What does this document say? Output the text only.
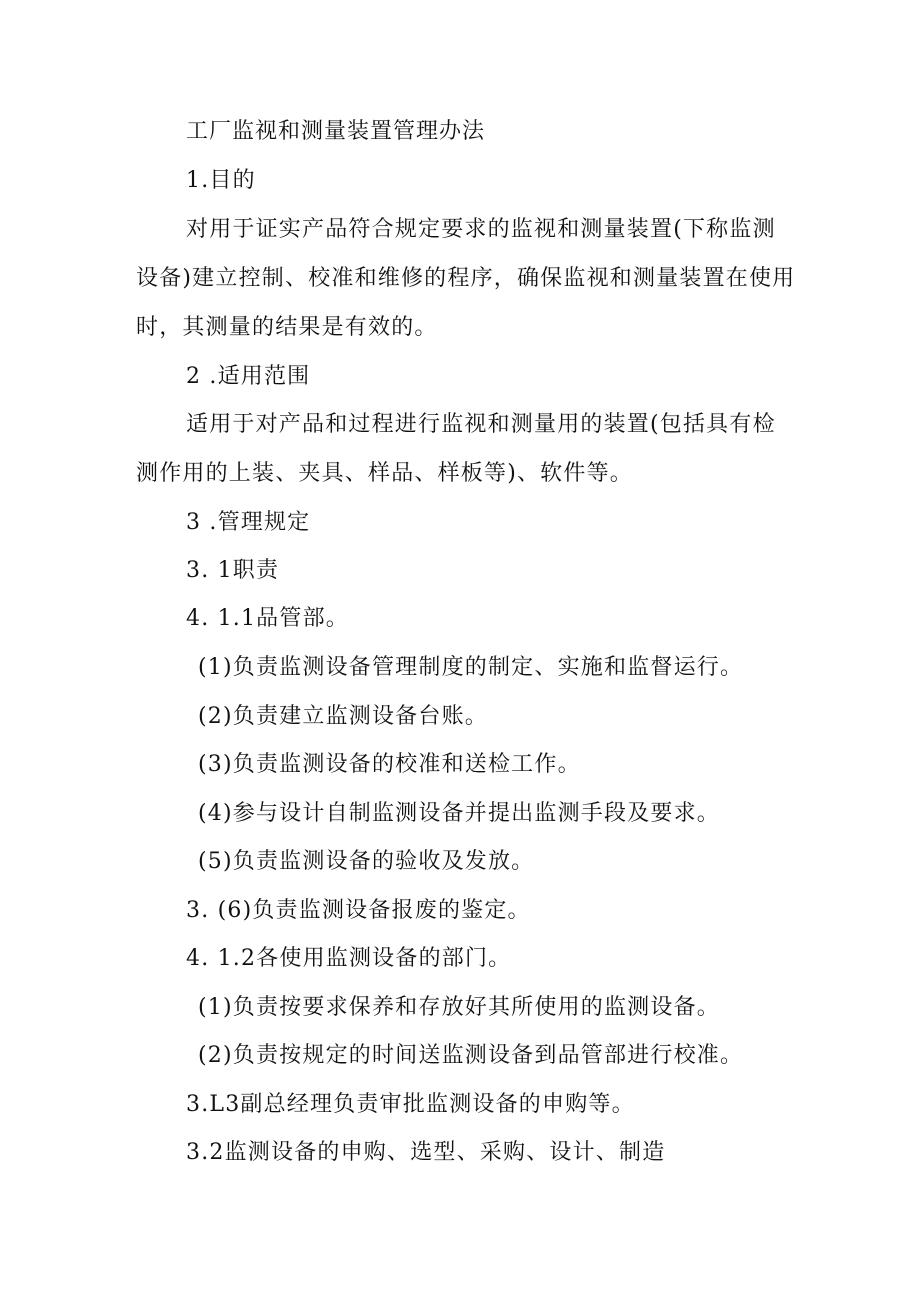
工厂监视和测量装置管理办法
1.目的
对用于证实产品符合规定要求的监视和测量装置(下称监测
设备)建立控制、校准和维修的程序，确保监视和测量装置在使用
时，其测量的结果是有效的。
2 .适用范围
适用于对产品和过程进行监视和测量用的装置(包括具有检
测作用的上装、夹具、样品、样板等)、软件等。
3 .管理规定
3. 1职责
4. 1.1品管部。
(1)负责监测设备管理制度的制定、实施和监督运行。
(2)负责建立监测设备台账。
(3)负责监测设备的校准和送检工作。
(4)参与设计自制监测设备并提出监测手段及要求。
(5)负责监测设备的验收及发放。
3. (6)负责监测设备报废的鉴定。
4. 1.2各使用监测设备的部门。
(1)负责按要求保养和存放好其所使用的监测设备。
(2)负责按规定的时间送监测设备到品管部进行校准。
3.L3副总经理负责审批监测设备的申购等。
3.2监测设备的申购、选型、采购、设计、制造
